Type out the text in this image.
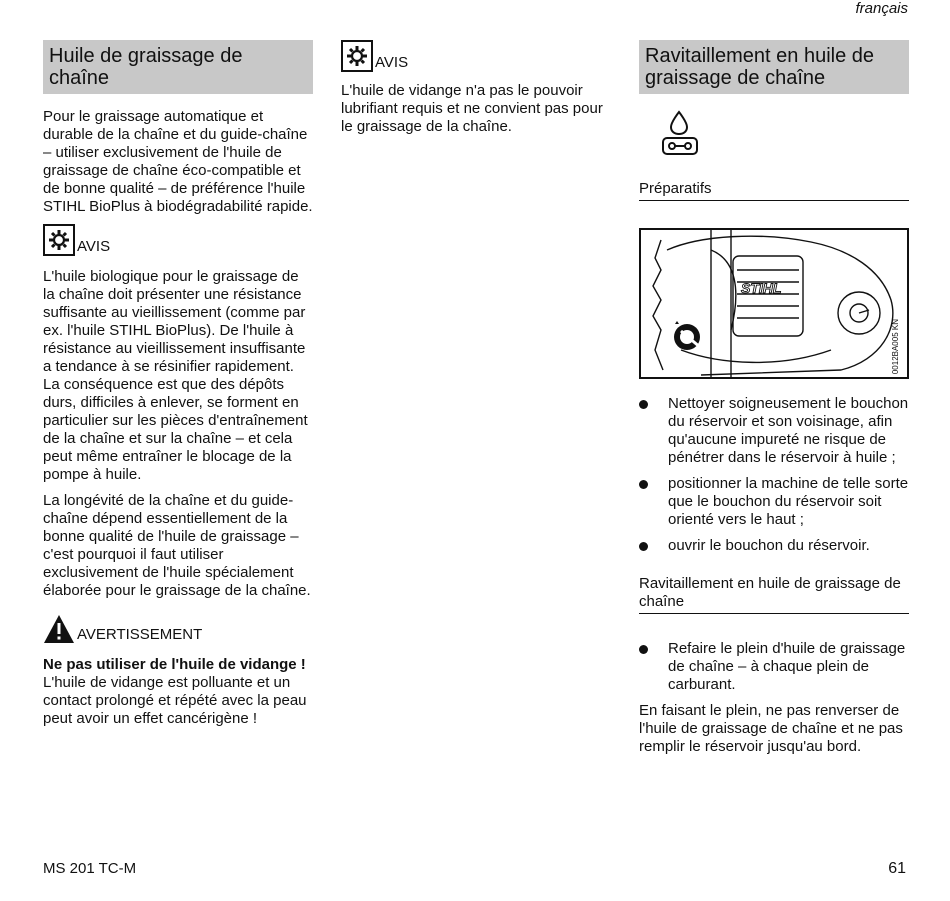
français
Huile de graissage de chaîne

Pour le graissage automatique et durable de la chaîne et du guide-chaîne – utiliser exclusivement de l'huile de graissage de chaîne éco-compatible et de bonne qualité – de préférence l'huile STIHL BioPlus à biodégradabilité rapide.

AVIS

L'huile biologique pour le graissage de la chaîne doit présenter une résistance suffisante au vieillissement (comme par ex. l'huile STIHL BioPlus). De l'huile à résistance au vieillissement insuffisante a tendance à se résinifier rapidement. La conséquence est que des dépôts durs, difficiles à enlever, se forment en particulier sur les pièces d'entraînement de la chaîne et sur la chaîne – et cela peut même entraîner le blocage de la pompe à huile.

La longévité de la chaîne et du guide-chaîne dépend essentiellement de la bonne qualité de l'huile de graissage – c'est pourquoi il faut utiliser exclusivement de l'huile spécialement élaborée pour le graissage de la chaîne.

AVERTISSEMENT
Ne pas utiliser de l'huile de vidange !

L'huile de vidange est polluante et un contact prolongé et répété avec la peau peut avoir un effet cancérigène !

AVIS

L'huile de vidange n'a pas le pouvoir lubrifiant requis et ne convient pas pour le graissage de la chaîne.

Ravitaillement en huile de graissage de chaîne
Préparatifs
STIHL
0012BA005 KN
Nettoyer soigneusement le bouchon du réservoir et son voisinage, afin qu'aucune impureté ne risque de pénétrer dans le réservoir à huile ;
positionner la machine de telle sorte que le bouchon du réservoir soit orienté vers le haut ;
ouvrir le bouchon du réservoir.
Ravitaillement en huile de graissage de chaîne
Refaire le plein d'huile de graissage de chaîne – à chaque plein de carburant.

En faisant le plein, ne pas renverser de l'huile de graissage de chaîne et ne pas remplir le réservoir jusqu'au bord.

MS 201 TC-M	61
